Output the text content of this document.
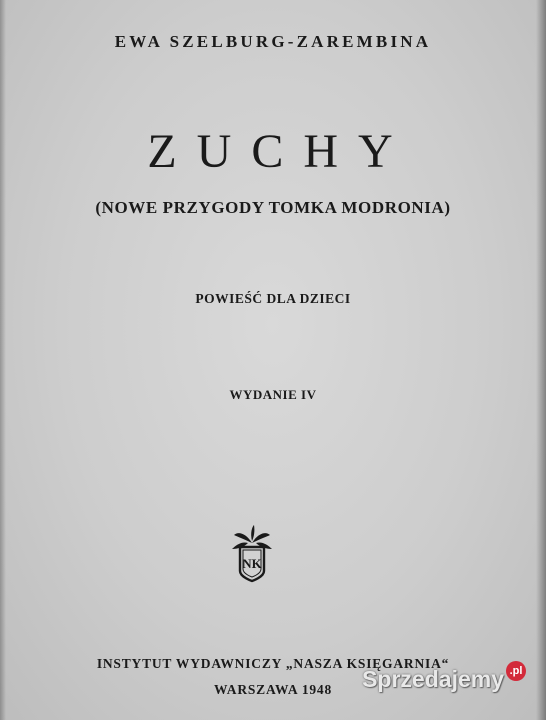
EWA SZELBURG-ZAREMBINA
ZUCHY
(NOWE PRZYGODY TOMKA MODRONIA)
POWIEŚĆ DLA DZIECI
WYDANIE IV
NK
INSTYTUT WYDAWNICZY „NASZA KSIĘGARNIA“
WARSZAWA 1948	Sprzedajemy .pl
